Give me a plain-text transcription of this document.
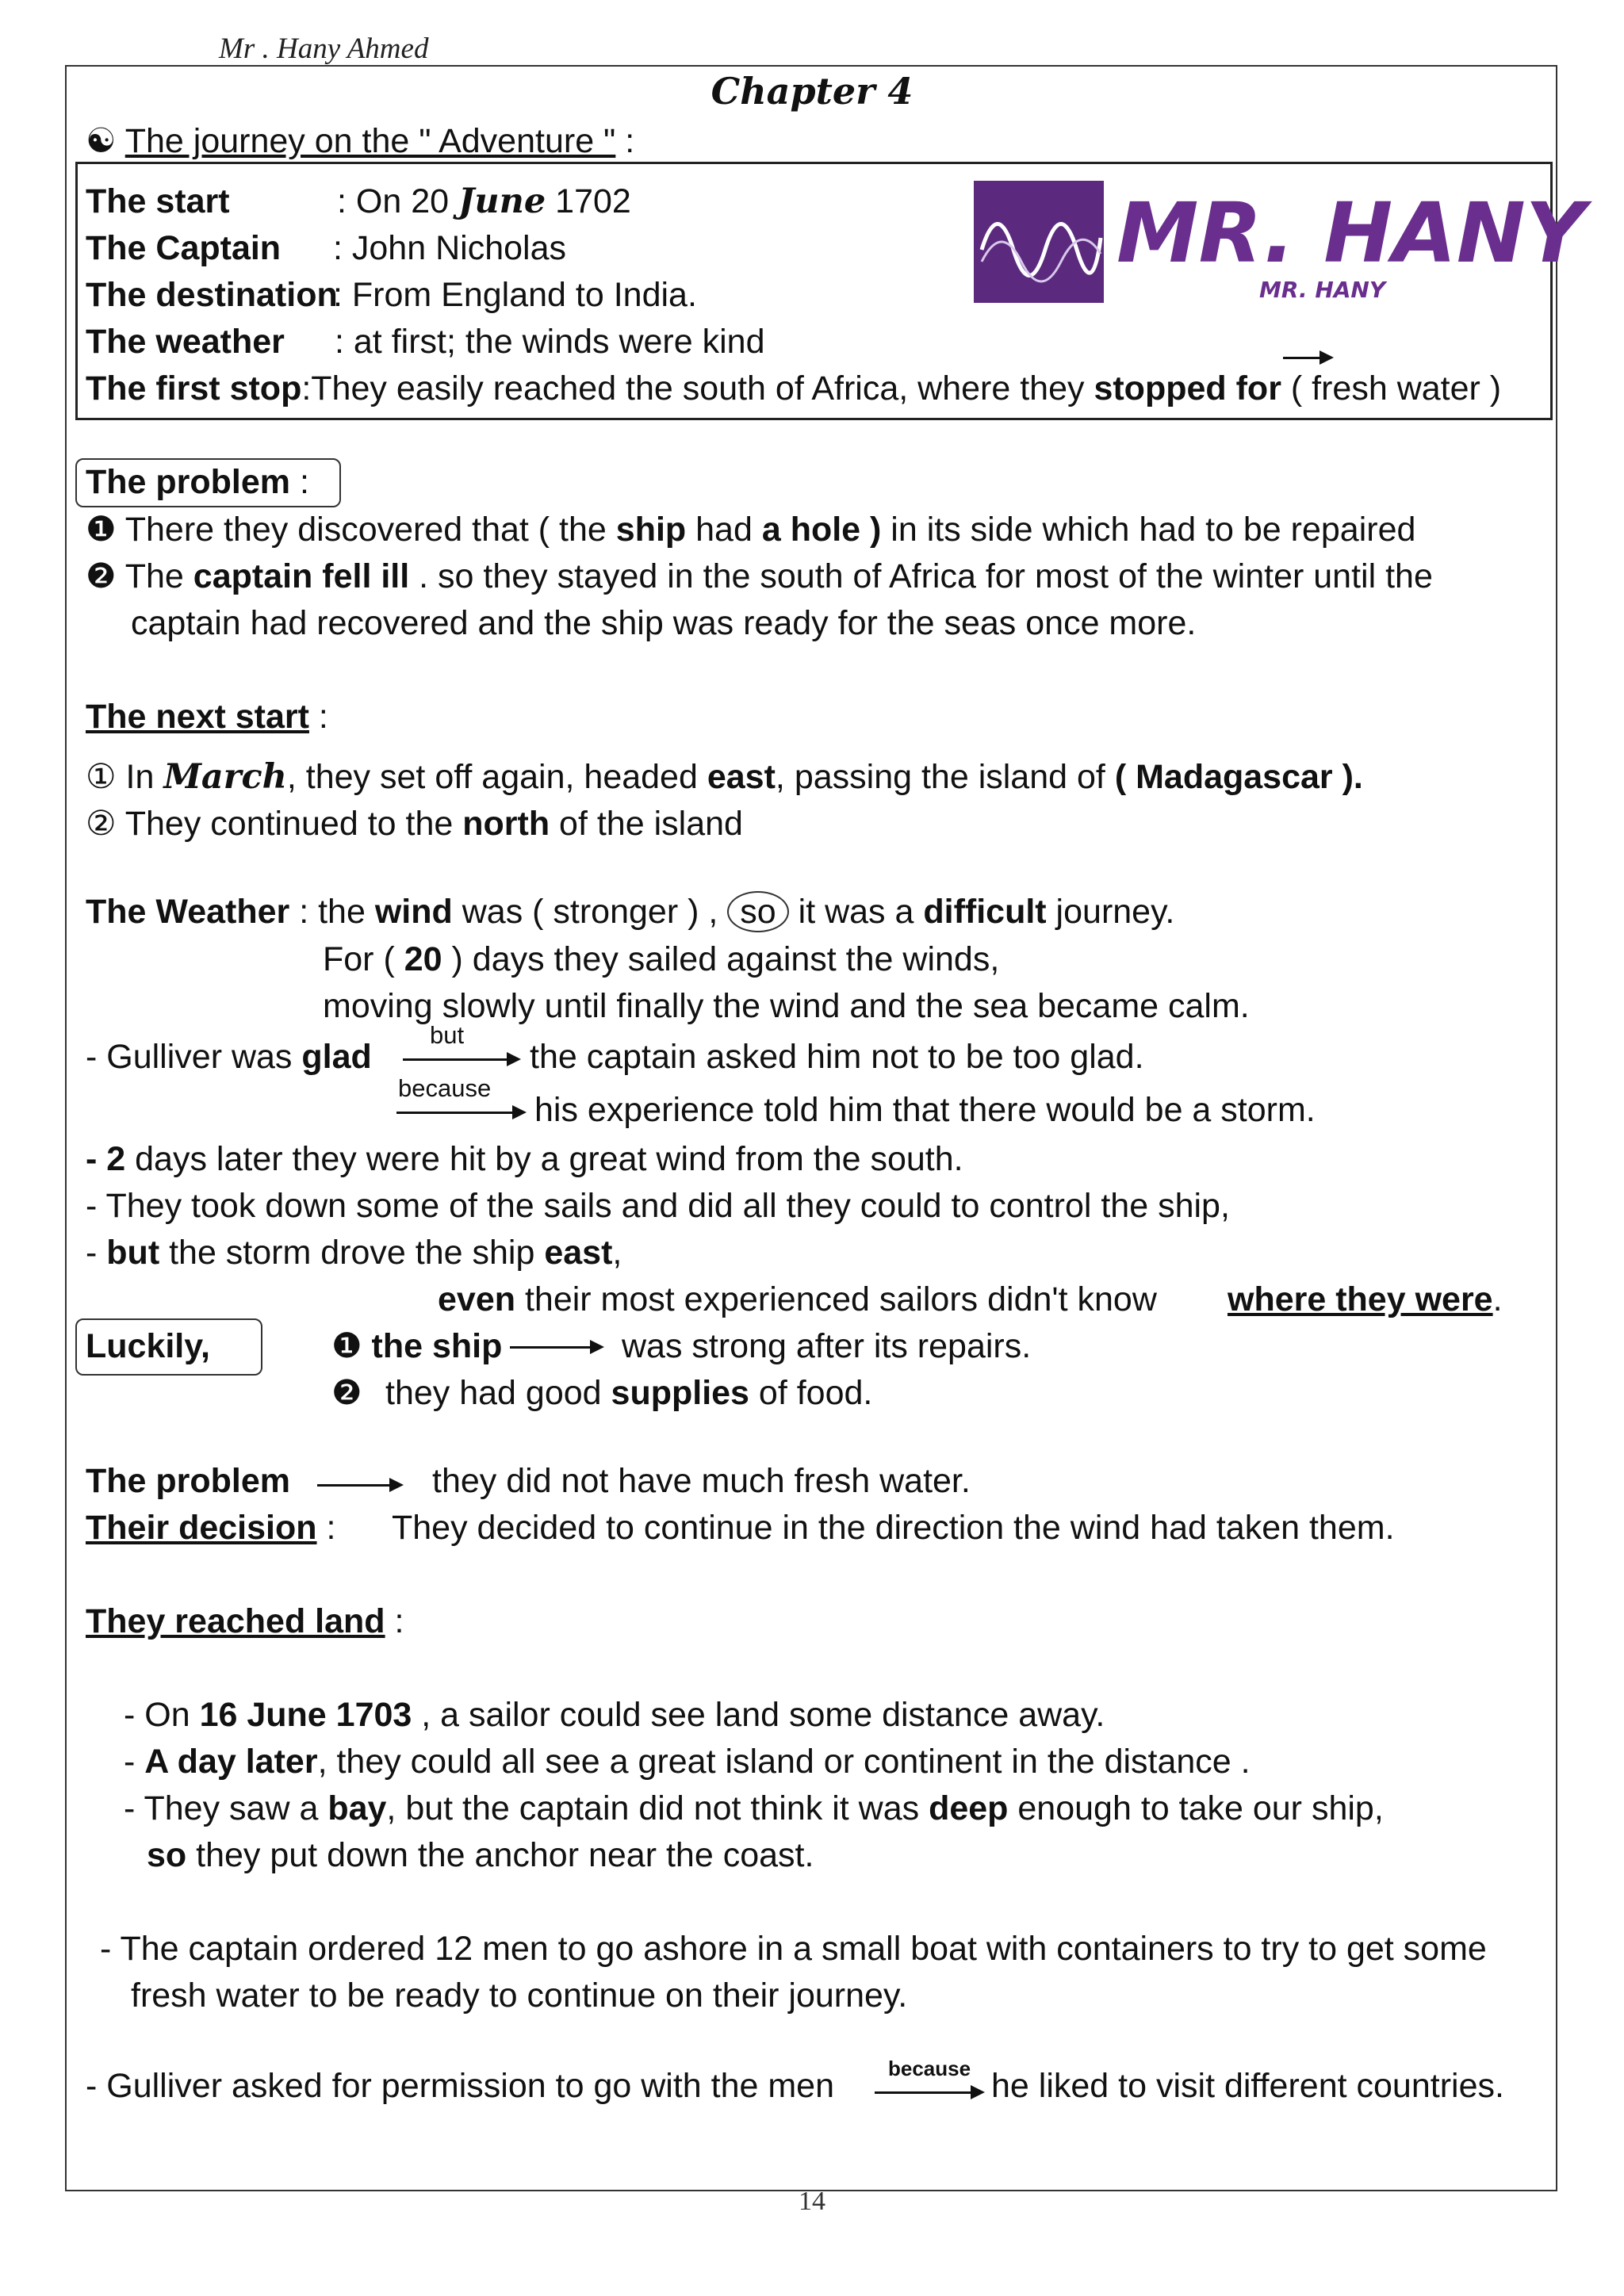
Mr . Hany Ahmed
Chapter 4
☯ The journey on the " Adventure " :
MR. HANY
MR. HANY
The start	: On 20 June 1702
The Captain : John Nicholas
The destination
: From England to India.
The weather : at first; the winds were kind
The first stop:They easily reached the south of Africa, where they stopped for ( fresh water )
The problem :
❶ There they discovered that ( the ship had a hole ) in its side which had to be repaired
❷ The captain fell ill . so they stayed in the south of Africa for most of the winter until the
captain had recovered and the ship was ready for the seas once more.
The next start :
① In March, they set off again, headed east, passing the island of ( Madagascar ).
② They continued to the north of the island
The Weather : the wind was ( stronger ) , so it was a difficult journey.
For ( 20 ) days they sailed against the winds,
moving slowly until finally the wind and the sea became calm.
- Gulliver was glad
but
the captain asked him not to be too glad.
because
his experience told him that there would be a storm.
- 2 days later they were hit by a great wind from the south.
- They took down some of the sails and did all they could to control the ship,
- but the storm drove the ship east,
even their most experienced sailors didn't know where they were.
Luckily,	❶ the ship	was strong after its repairs.
❷ they had good supplies of food.
The problem	they did not have much fresh water.
Their decision : They decided to continue in the direction the wind had taken them.
They reached land :
- On 16 June 1703 , a sailor could see land some distance away.
- A day later, they could all see a great island or continent in the distance .
- They saw a bay, but the captain did not think it was deep enough to take our ship,
so they put down the anchor near the coast.
- The captain ordered 12 men to go ashore in a small boat with containers to try to get some
fresh water to be ready to continue on their journey.
- Gulliver asked for permission to go with the men	because he liked to visit different countries.
14
